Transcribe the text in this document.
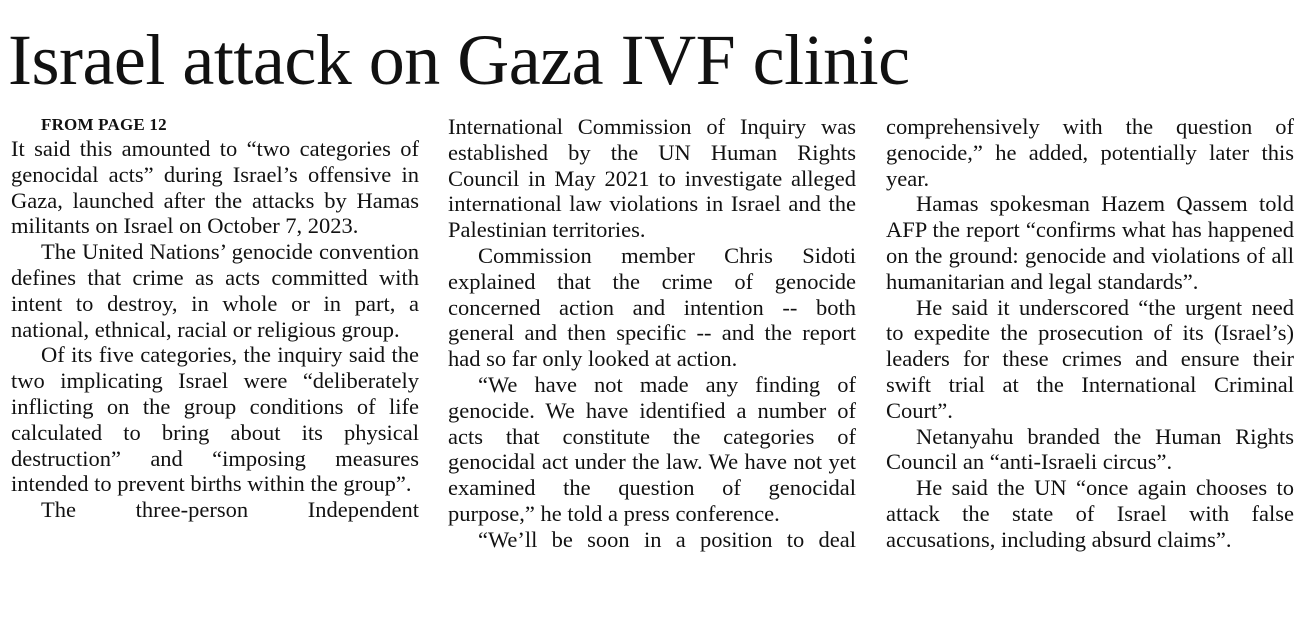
Israel attack on Gaza IVF clinic

FROM PAGE 12

It said this amounted to “two categories of genocidal acts” during Israel’s offensive in Gaza, launched after the attacks by Hamas militants on Israel on October 7, 2023.

The United Nations’ genocide convention defines that crime as acts committed with intent to destroy, in whole or in part, a national, ethnical, racial or religious group.

Of its five categories, the inquiry said the two implicating Israel were “deliberately inflicting on the group conditions of life calculated to bring about its physical destruction” and “imposing measures intended to prevent births within the group”.

The three-person Independent

International Commission of Inquiry was established by the UN Human Rights Council in May 2021 to investigate alleged international law violations in Israel and the Palestinian territories.

Commission member Chris Sidoti explained that the crime of genocide concerned action and intention -- both general and then specific -- and the report had so far only looked at action.

“We have not made any finding of genocide. We have identified a number of acts that constitute the categories of genocidal act under the law. We have not yet examined the question of genocidal purpose,” he told a press conference.

“We’ll be soon in a position to deal

comprehensively with the question of genocide,” he added, potentially later this year.

Hamas spokesman Hazem Qassem told AFP the report “confirms what has happened on the ground: genocide and violations of all humanitarian and legal standards”.

He said it underscored “the urgent need to expedite the prosecution of its (Israel’s) leaders for these crimes and ensure their swift trial at the International Criminal Court”.

Netanyahu branded the Human Rights Council an “anti-Israeli circus”.

He said the UN “once again chooses to attack the state of Israel with false accusations, including absurd claims”.
